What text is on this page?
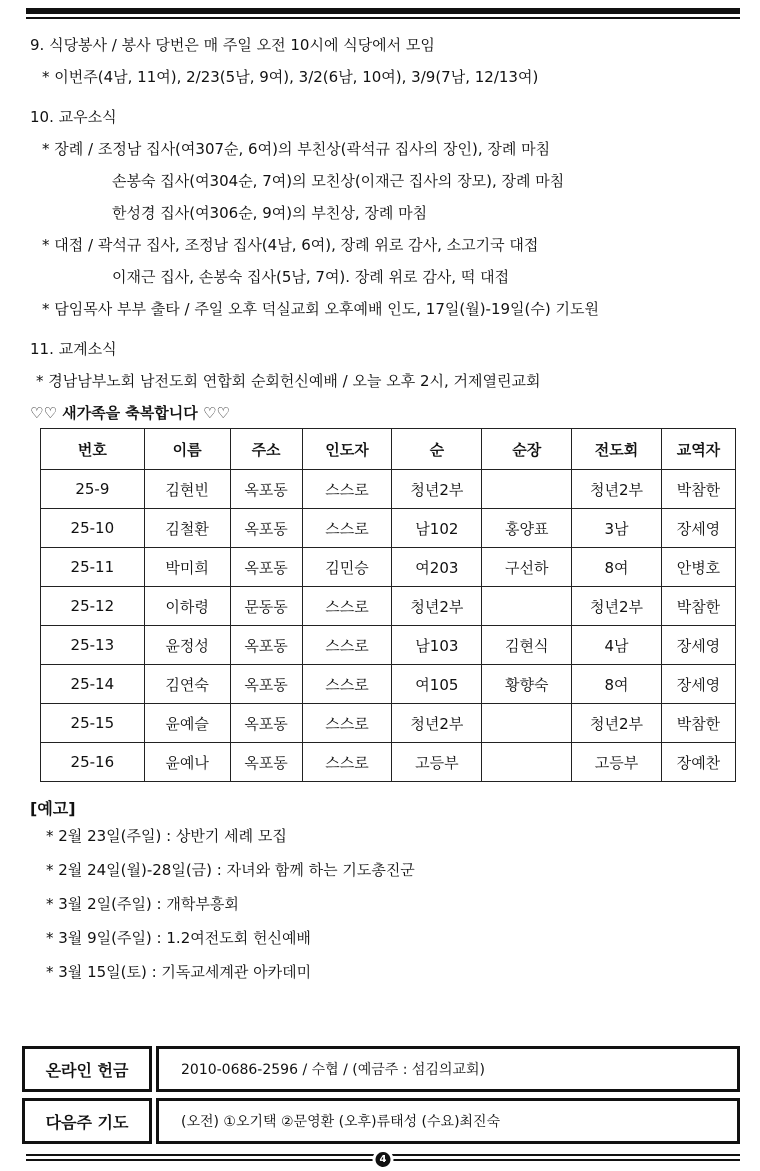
9. 식당봉사 / 봉사 당번은 매 주일 오전 10시에 식당에서 모임
* 이번주(4남, 11여), 2/23(5남, 9여), 3/2(6남, 10여), 3/9(7남, 12/13여)
10. 교우소식
* 장례 / 조정남 집사(여307순, 6여)의 부친상(곽석규 집사의 장인), 장례 마침
손봉숙 집사(여304순, 7여)의 모친상(이재근 집사의 장모), 장례 마침
한성경 집사(여306순, 9여)의 부친상, 장례 마침
* 대접 / 곽석규 집사, 조정남 집사(4남, 6여), 장례 위로 감사, 소고기국 대접
이재근 집사, 손봉숙 집사(5남, 7여). 장례 위로 감사, 떡 대접
* 담임목사 부부 출타 / 주일 오후 덕실교회 오후예배 인도, 17일(월)-19일(수) 기도원
11. 교계소식
* 경남남부노회 남전도회 연합회 순회헌신예배 / 오늘 오후 2시, 거제열린교회
♡♡ 새가족을 축복합니다 ♡♡
번호	이름	주소	인도자	순	순장	전도회	교역자
25-9	김현빈	옥포동	스스로	청년2부		청년2부	박참한
25-10	김철환	옥포동	스스로	남102	홍양표	3남	장세영
25-11	박미희	옥포동	김민승	여203	구선하	8여	안병호
25-12	이하령	문동동	스스로	청년2부		청년2부	박참한
25-13	윤정성	옥포동	스스로	남103	김현식	4남	장세영
25-14	김연숙	옥포동	스스로	여105	황향숙	8여	장세영
25-15	윤예슬	옥포동	스스로	청년2부		청년2부	박참한
25-16	윤예나	옥포동	스스로	고등부		고등부	장예찬
[예고]
* 2월 23일(주일) : 상반기 세례 모집
* 2월 24일(월)-28일(금) : 자녀와 함께 하는 기도총진군
* 3월 2일(주일) : 개학부흥회
* 3월 9일(주일) : 1.2여전도회 헌신예배
* 3월 15일(토) : 기독교세계관 아카데미
온라인 헌금	2010-0686-2596 / 수협 / (예금주 : 섬김의교회)
다음주 기도	(오전) ①오기택 ②문영환 (오후)류태성 (수요)최진숙
4
